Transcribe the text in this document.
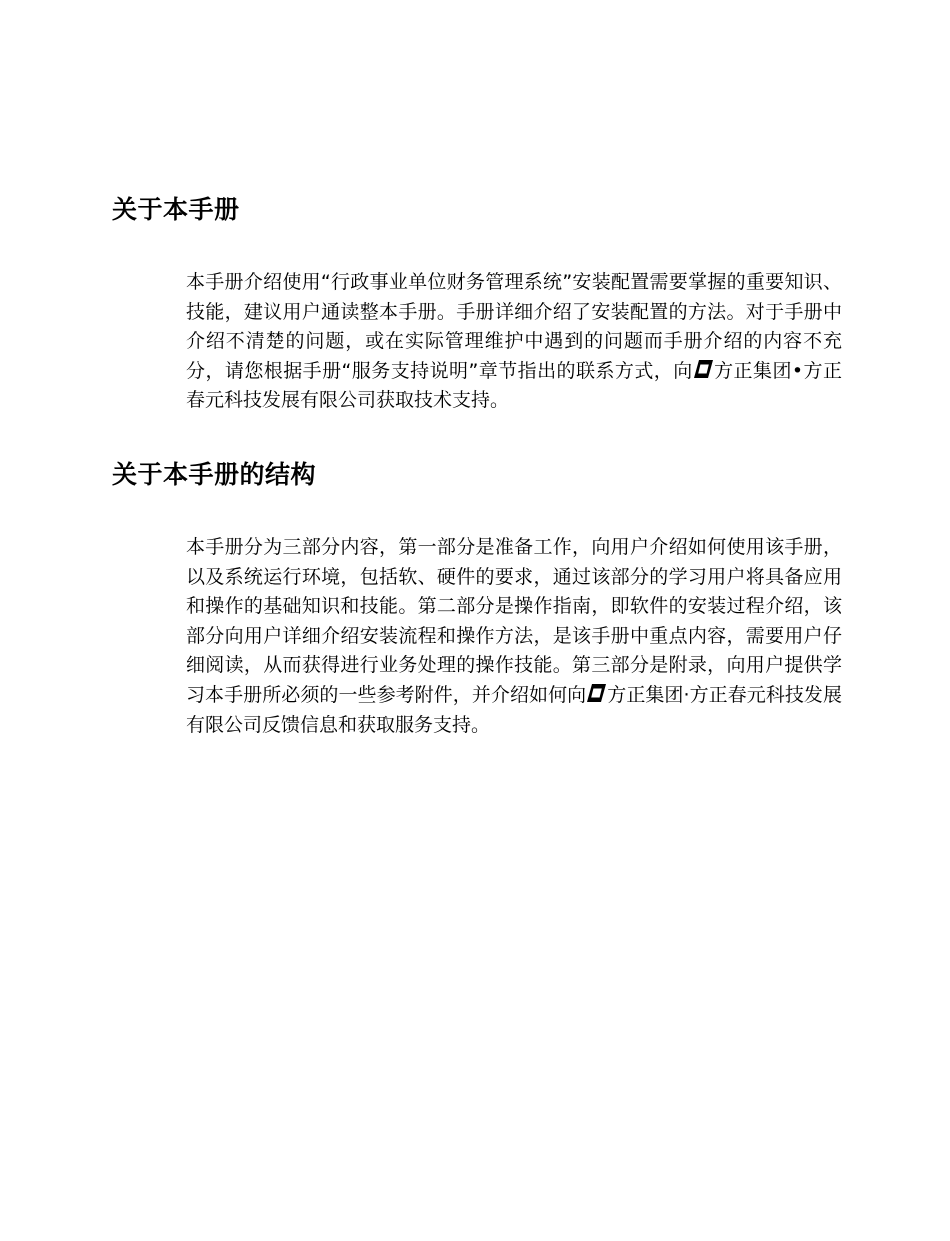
关于本手册

本手册介绍使用“行政事业单位财务管理系统”安装配置需要掌握的重要知识、技能，建议用户通读整本手册。手册详细介绍了安装配置的方法。对于手册中介绍不清楚的问题，或在实际管理维护中遇到的问题而手册介绍的内容不充分，请您根据手册“服务支持说明”章节指出的联系方式，向 方正集团•方正春元科技发展有限公司获取技术支持。

关于本手册的结构

本手册分为三部分内容，第一部分是准备工作，向用户介绍如何使用该手册，以及系统运行环境，包括软、硬件的要求，通过该部分的学习用户将具备应用和操作的基础知识和技能。第二部分是操作指南，即软件的安装过程介绍，该部分向用户详细介绍安装流程和操作方法，是该手册中重点内容，需要用户仔细阅读，从而获得进行业务处理的操作技能。第三部分是附录，向用户提供学习本手册所必须的一些参考附件，并介绍如何向 方正集团·方正春元科技发展有限公司反馈信息和获取服务支持。
